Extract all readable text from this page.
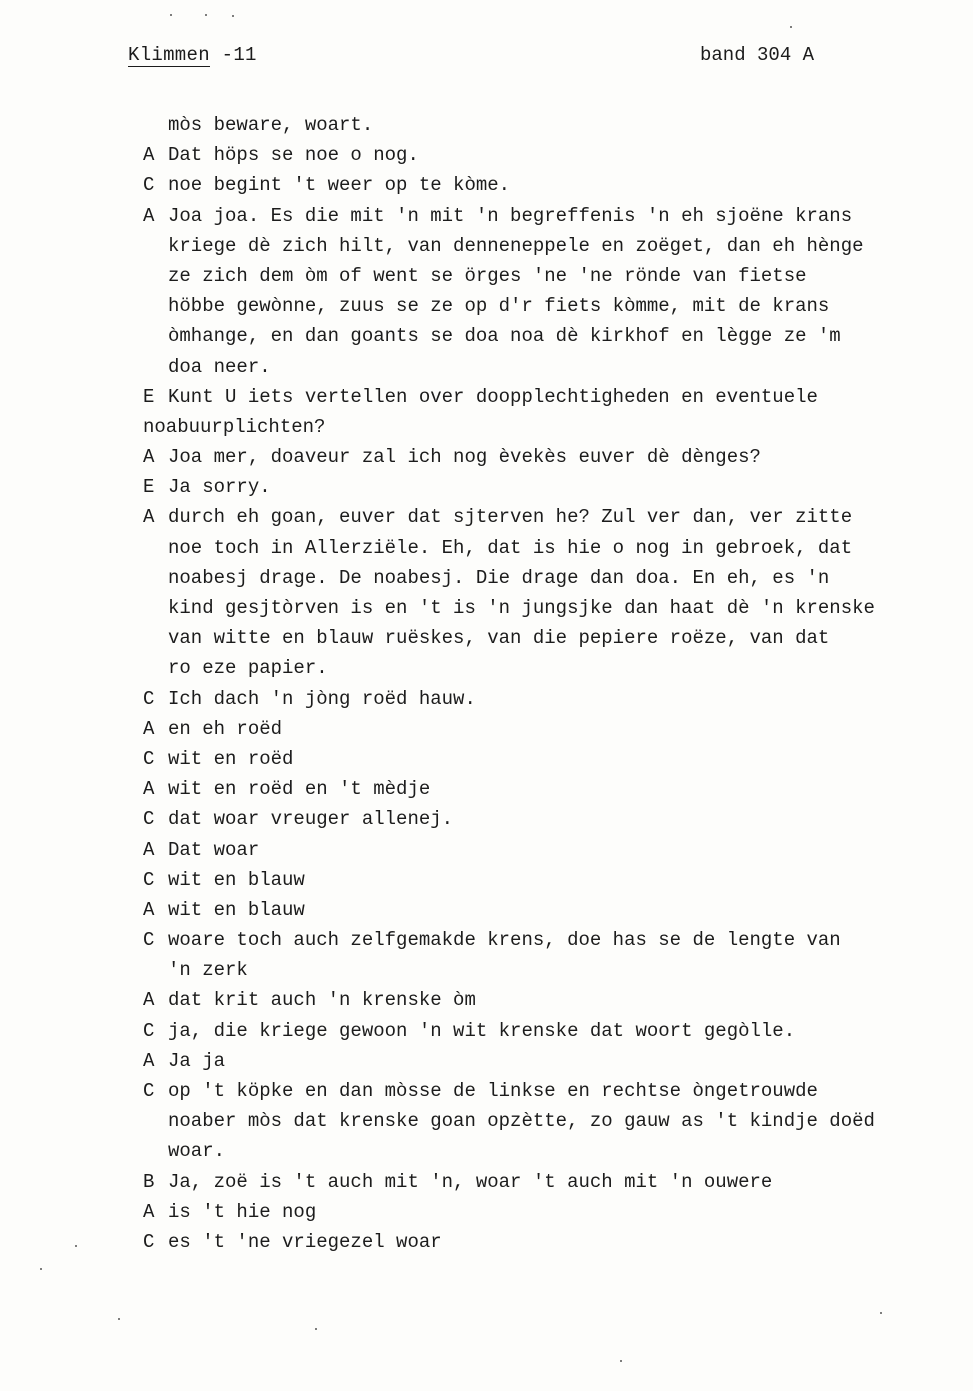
Klimmen -11	band 304 A
mòs beware, woart.
A Dat höps se noe o nog.
C noe begint 't weer op te kòme.
A Joa joa. Es die mit 'n mit 'n begreffenis 'n eh sjoëne krans
kriege dè zich hilt, van denneneppele en zoëget, dan eh hènge
ze zich dem òm of went se örges 'ne 'ne rönde van fietse
höbbe gewònne, zuus se ze op d'r fiets kòmme, mit de krans
òmhange, en dan goants se doa noa dè kirkhof en lègge ze 'm
doa neer.
E Kunt U iets vertellen over doopplechtigheden en eventuele
noabuurplichten?
A Joa mer, doaveur zal ich nog èvekès euver dè dènges?
E Ja sorry.
A durch eh goan, euver dat sjterven he? Zul ver dan, ver zitte
noe toch in Allerziële. Eh, dat is hie o nog in gebroek, dat
noabesj drage. De noabesj. Die drage dan doa. En eh, es 'n
kind gesjtòrven is en 't is 'n jungsjke dan haat dè 'n krenske
van witte en blauw ruëskes, van die pepiere roëze, van dat
ro eze papier.
C Ich dach 'n jòng roëd hauw.
A en eh roëd
C wit en roëd
A wit en roëd en 't mèdje
C dat woar vreuger allenej.
A Dat woar
C wit en blauw
A wit en blauw
C woare toch auch zelfgemakde krens, doe has se de lengte van
'n zerk
A dat krit auch 'n krenske òm
C ja, die kriege gewoon 'n wit krenske dat woort gegòlle.
A Ja ja
C op 't köpke en dan mòsse de linkse en rechtse òngetrouwde
noaber mòs dat krenske goan opzètte, zo gauw as 't kindje doëd
woar.
B Ja, zoë is 't auch mit 'n, woar 't auch mit 'n ouwere
A is 't hie nog
C es 't 'ne vriegezel woar
